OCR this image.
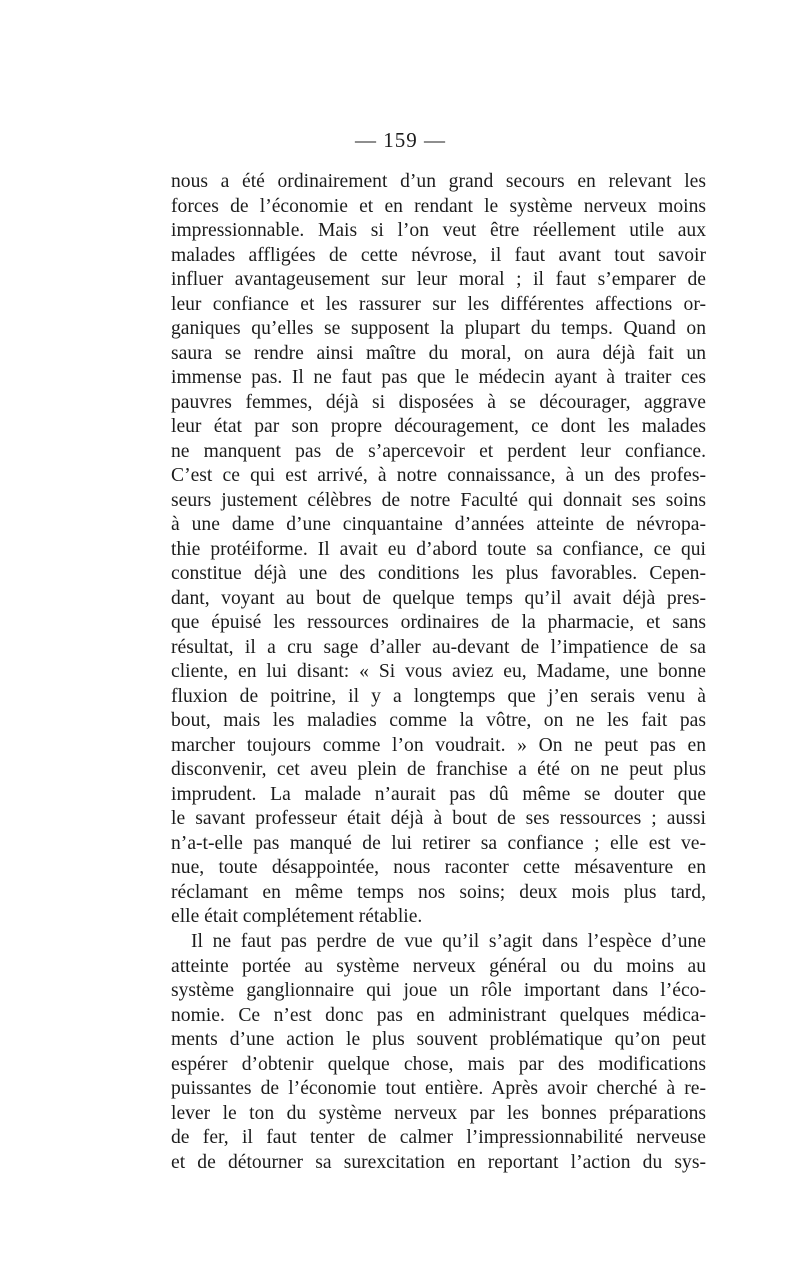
— 159 —
nous a été ordinairement d’un grand secours en relevant les
forces de l’économie et en rendant le système nerveux moins
impressionnable. Mais si l’on veut être réellement utile aux
malades affligées de cette névrose, il faut avant tout savoir
influer avantageusement sur leur moral ; il faut s’emparer de
leur confiance et les rassurer sur les différentes affections or-
ganiques qu’elles se supposent la plupart du temps. Quand on
saura se rendre ainsi maître du moral, on aura déjà fait un
immense pas. Il ne faut pas que le médecin ayant à traiter ces
pauvres femmes, déjà si disposées à se décourager, aggrave
leur état par son propre découragement, ce dont les malades
ne manquent pas de s’apercevoir et perdent leur confiance.
C’est ce qui est arrivé, à notre connaissance, à un des profes-
seurs justement célèbres de notre Faculté qui donnait ses soins
à une dame d’une cinquantaine d’années atteinte de névropa-
thie protéiforme. Il avait eu d’abord toute sa confiance, ce qui
constitue déjà une des conditions les plus favorables. Cepen-
dant, voyant au bout de quelque temps qu’il avait déjà pres-
que épuisé les ressources ordinaires de la pharmacie, et sans
résultat, il a cru sage d’aller au-devant de l’impatience de sa
cliente, en lui disant: « Si vous aviez eu, Madame, une bonne
fluxion de poitrine, il y a longtemps que j’en serais venu à
bout, mais les maladies comme la vôtre, on ne les fait pas
marcher toujours comme l’on voudrait. » On ne peut pas en
disconvenir, cet aveu plein de franchise a été on ne peut plus
imprudent. La malade n’aurait pas dû même se douter que
le savant professeur était déjà à bout de ses ressources ; aussi
n’a-t-elle pas manqué de lui retirer sa confiance ; elle est ve-
nue, toute désappointée, nous raconter cette mésaventure en
réclamant en même temps nos soins; deux mois plus tard,
elle était complétement rétablie.
Il ne faut pas perdre de vue qu’il s’agit dans l’espèce d’une
atteinte portée au système nerveux général ou du moins au
système ganglionnaire qui joue un rôle important dans l’éco-
nomie. Ce n’est donc pas en administrant quelques médica-
ments d’une action le plus souvent problématique qu’on peut
espérer d’obtenir quelque chose, mais par des modifications
puissantes de l’économie tout entière. Après avoir cherché à re-
lever le ton du système nerveux par les bonnes préparations
de fer, il faut tenter de calmer l’impressionnabilité nerveuse
et de détourner sa surexcitation en reportant l’action du sys-
